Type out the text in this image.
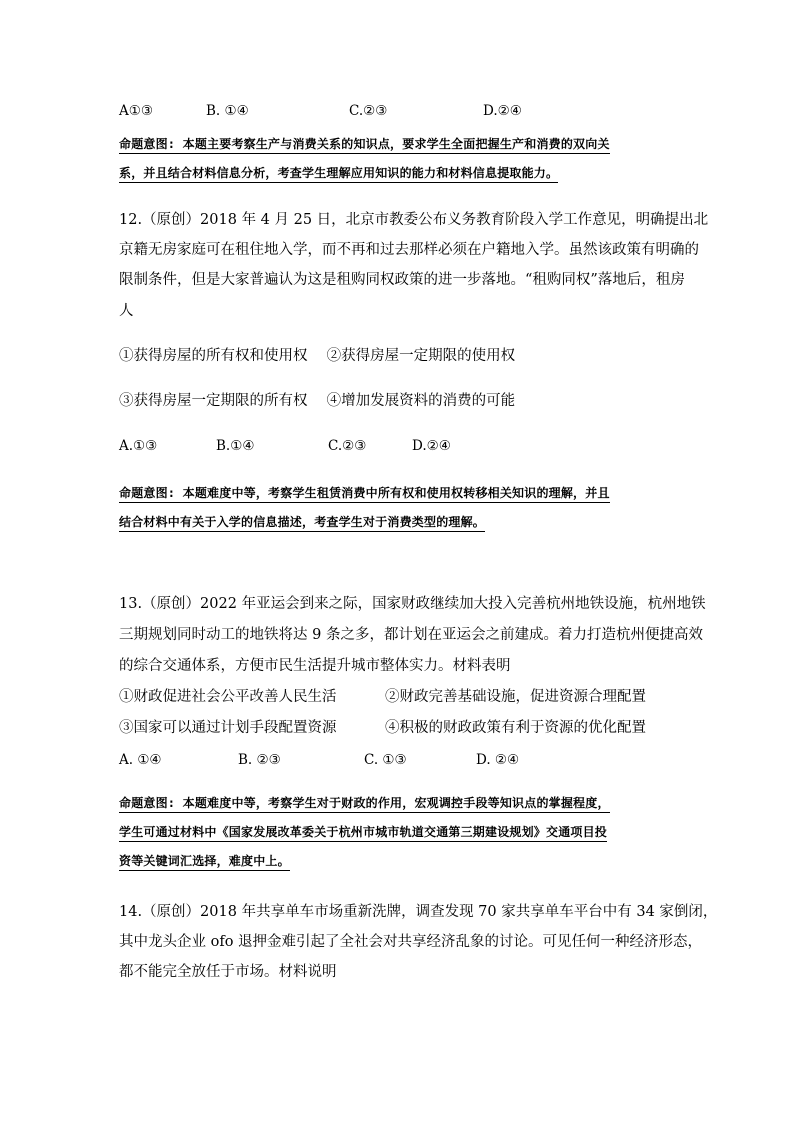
A①③	B. ①④	C.②③	D.②④
命题意图: 本题主要考察生产与消费关系的知识点，要求学生全面把握生产和消费的双向关
系，并且结合材料信息分析，考查学生理解应用知识的能力和材料信息提取能力。
12.（原创）2018 年 4 月 25 日，北京市教委公布义务教育阶段入学工作意见，明确提出北
京籍无房家庭可在租住地入学，而不再和过去那样必须在户籍地入学。虽然该政策有明确的
限制条件，但是大家普遍认为这是租购同权政策的进一步落地。“租购同权”落地后，租房
人
①获得房屋的所有权和使用权　 ②获得房屋一定期限的使用权
③获得房屋一定期限的所有权　 ④增加发展资料的消费的可能
A.①③	B.①④	C.②③	D.②④
命题意图: 本题难度中等，考察学生租赁消费中所有权和使用权转移相关知识的理解，并且
结合材料中有关于入学的信息描述，考查学生对于消费类型的理解。
13.（原创）2022 年亚运会到来之际，国家财政继续加大投入完善杭州地铁设施，杭州地铁
三期规划同时动工的地铁将达 9 条之多，都计划在亚运会之前建成。着力打造杭州便捷高效
的综合交通体系，方便市民生活提升城市整体实力。材料表明
①财政促进社会公平改善人民生活	②财政完善基础设施，促进资源合理配置
③国家可以通过计划手段配置资源	④积极的财政政策有利于资源的优化配置
A. ①④	B. ②③	C. ①③	D. ②④
命题意图: 本题难度中等，考察学生对于财政的作用，宏观调控手段等知识点的掌握程度，
学生可通过材料中《国家发展改革委关于杭州市城市轨道交通第三期建设规划》交通项目投
资等关键词汇选择，难度中上。
14.（原创）2018 年共享单车市场重新洗牌，调查发现 70 家共享单车平台中有 34 家倒闭，
其中龙头企业 ofo 退押金难引起了全社会对共享经济乱象的讨论。可见任何一种经济形态，
都不能完全放任于市场。材料说明
